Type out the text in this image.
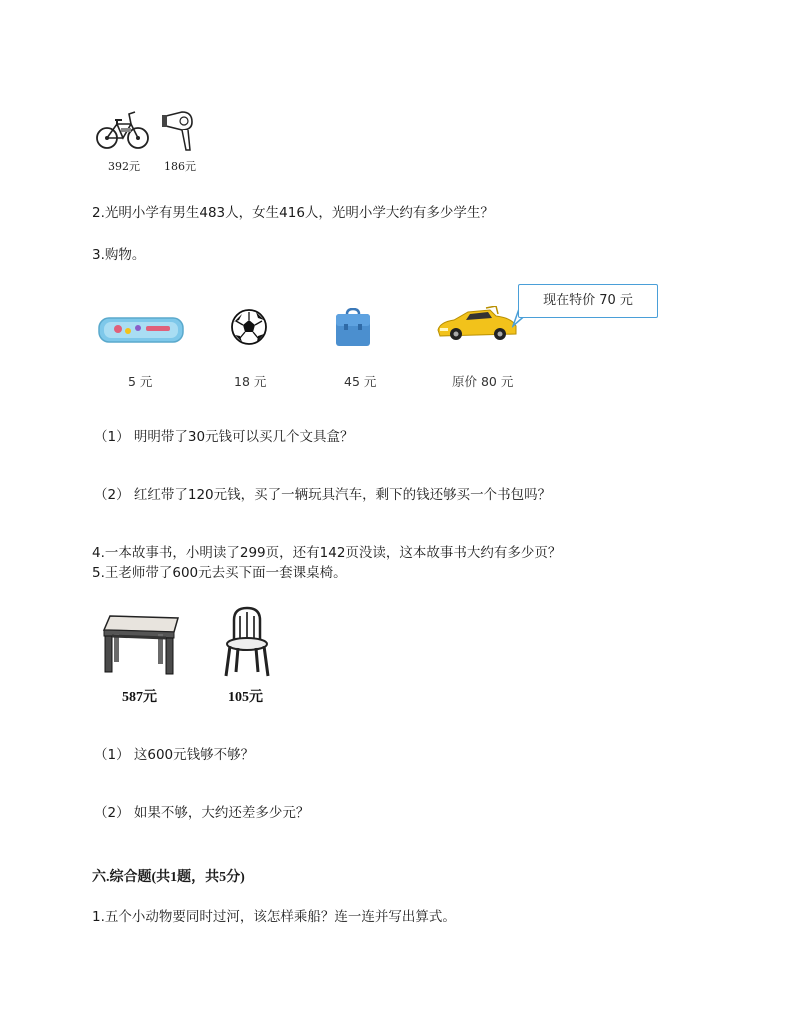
392元 186元
2.光明小学有男生483人，女生416人，光明小学大约有多少学生？
3.购物。
5 元	18 元	45 元	原价 80 元
现在特价 70 元
（1） 明明带了30元钱可以买几个文具盒？
（2） 红红带了120元钱，买了一辆玩具汽车，剩下的钱还够买一个书包吗？
4.一本故事书，小明读了299页，还有142页没读，这本故事书大约有多少页？
5.王老师带了600元去买下面一套课桌椅。
587元	105元
（1） 这600元钱够不够？
（2） 如果不够，大约还差多少元？
六.综合题(共1题，共5分)
1.五个小动物要同时过河，该怎样乘船？连一连并写出算式。
